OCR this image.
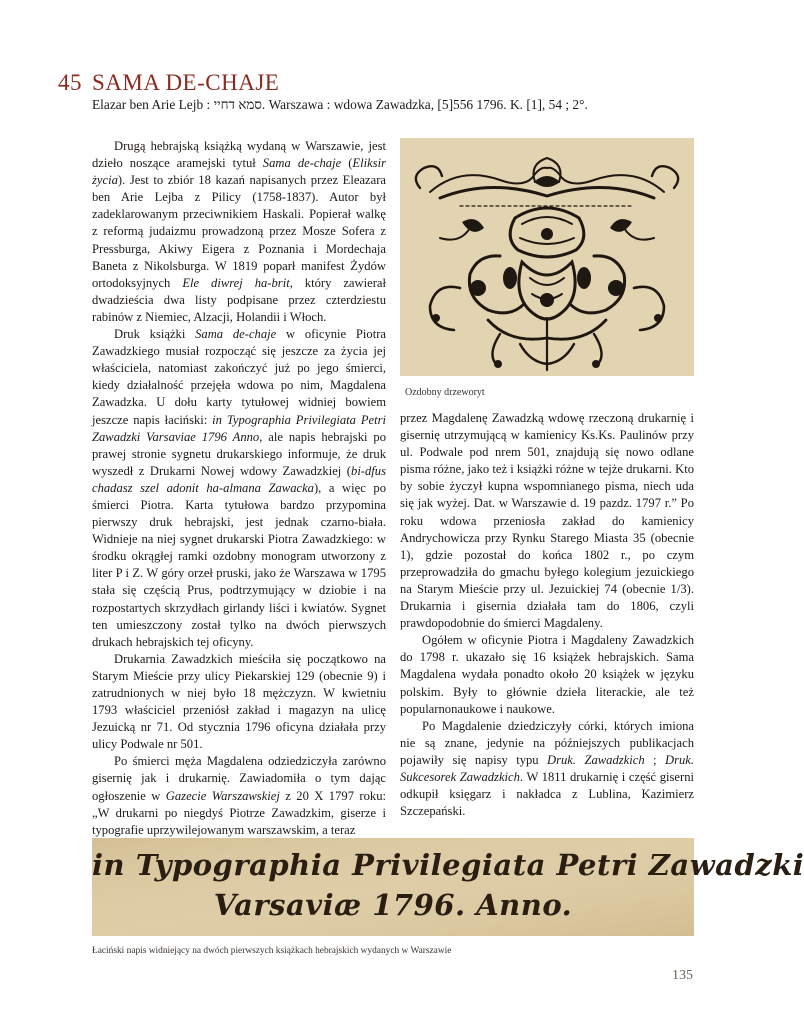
45 SAMA DE-CHAJE
Elazar ben Arie Lejb : סמא דחיי. Warszawa : wdowa Zawadzka, [5]556 1796. K. [1], 54 ; 2°.

Drugą hebrajską książką wydaną w Warszawie, jest dzieło noszące aramejski tytuł Sama de-chaje (Eliksir życia). Jest to zbiór 18 kazań napisanych przez Eleazara ben Arie Lejba z Pilicy (1758-1837). Autor był zadeklarowanym przeciwnikiem Haskali. Popierał walkę z reformą judaizmu prowadzoną przez Mosze Sofera z Pressburga, Akiwy Eigera z Poznania i Mordechaja Baneta z Nikolsburga. W 1819 poparł manifest Żydów ortodoksyjnych Ele diwrej ha-brit, który zawierał dwadzieścia dwa listy podpisane przez czterdziestu rabinów z Niemiec, Alzacji, Holandii i Włoch.

Druk książki Sama de-chaje w oficynie Piotra Zawadzkiego musiał rozpocząć się jeszcze za życia jej właściciela, natomiast zakończyć już po jego śmierci, kiedy działalność przejęła wdowa po nim, Magdalena Zawadzka. U dołu karty tytułowej widniej bowiem jeszcze napis łaciński: in Typographia Privilegiata Petri Zawadzki Varsaviae 1796 Anno, ale napis hebrajski po prawej stronie sygnetu drukarskiego informuje, że druk wyszedł z Drukarni Nowej wdowy Zawadzkiej (bi-dfus chadasz szel adonit ha-almana Zawacka), a więc po śmierci Piotra. Karta tytułowa bardzo przypomina pierwszy druk hebrajski, jest jednak czarno-biała. Widnieje na niej sygnet drukarski Piotra Zawadzkiego: w środku okrągłej ramki ozdobny monogram utworzony z liter P i Z. W góry orzeł pruski, jako że Warszawa w 1795 stała się częścią Prus, podtrzymujący w dziobie i na rozpostartych skrzydłach girlandy liści i kwiatów. Sygnet ten umieszczony został tylko na dwóch pierwszych drukach hebrajskich tej oficyny.

Drukarnia Zawadzkich mieściła się początkowo na Starym Mieście przy ulicy Piekarskiej 129 (obecnie 9) i zatrudnionych w niej było 18 mężczyzn. W kwietniu 1793 właściciel przeniósł zakład i magazyn na ulicę Jezuicką nr 71. Od stycznia 1796 oficyna działała przy ulicy Podwale nr 501.

Po śmierci męża Magdalena odziedziczyła zarówno gisernię jak i drukarnię. Zawiadomiła o tym dając ogłoszenie w Gazecie Warszawskiej z 20 X 1797 roku: „W drukarni po niegdyś Piotrze Zawadzkim, giserze i typografie uprzywilejowanym warszawskim, a teraz

Ozdobny drzeworyt

przez Magdalenę Zawadzką wdowę rzeczoną drukarnię i gisernię utrzymującą w kamienicy Ks.Ks. Paulinów przy ul. Podwale pod nrem 501, znajdują się nowo odlane pisma różne, jako też i książki różne w tejże drukarni. Kto by sobie życzył kupna wspomnianego pisma, niech uda się jak wyżej. Dat. w Warszawie d. 19 pazdz. 1797 r.” Po roku wdowa przeniosła zakład do kamienicy Andrychowicza przy Rynku Starego Miasta 35 (obecnie 1), gdzie pozostał do końca 1802 r., po czym przeprowadziła do gmachu byłego kolegium jezuickiego na Starym Mieście przy ul. Jezuickiej 74 (obecnie 1/3). Drukarnia i gisernia działała tam do 1806, czyli prawdopodobnie do śmierci Magdaleny.

Ogółem w oficynie Piotra i Magdaleny Zawadzkich do 1798 r. ukazało się 16 książek hebrajskich. Sama Magdalena wydała ponadto około 20 książek w języku polskim. Były to głównie dzieła literackie, ale też popularnonaukowe i naukowe.

Po Magdalenie dziedziczyły córki, których imiona nie są znane, jedynie na późniejszych publikacjach pojawiły się napisy typu Druk. Zawadzkich ; Druk. Sukcesorek Zawadzkich. W 1811 drukarnię i część giserni odkupił księgarz i nakładca z Lublina, Kazimierz Szczepański.

in Typographia Privilegiata Petri Zawadzki
Varsaviæ 1796. Anno.
Łaciński napis widniejący na dwóch pierwszych książkach hebrajskich wydanych w Warszawie
135
